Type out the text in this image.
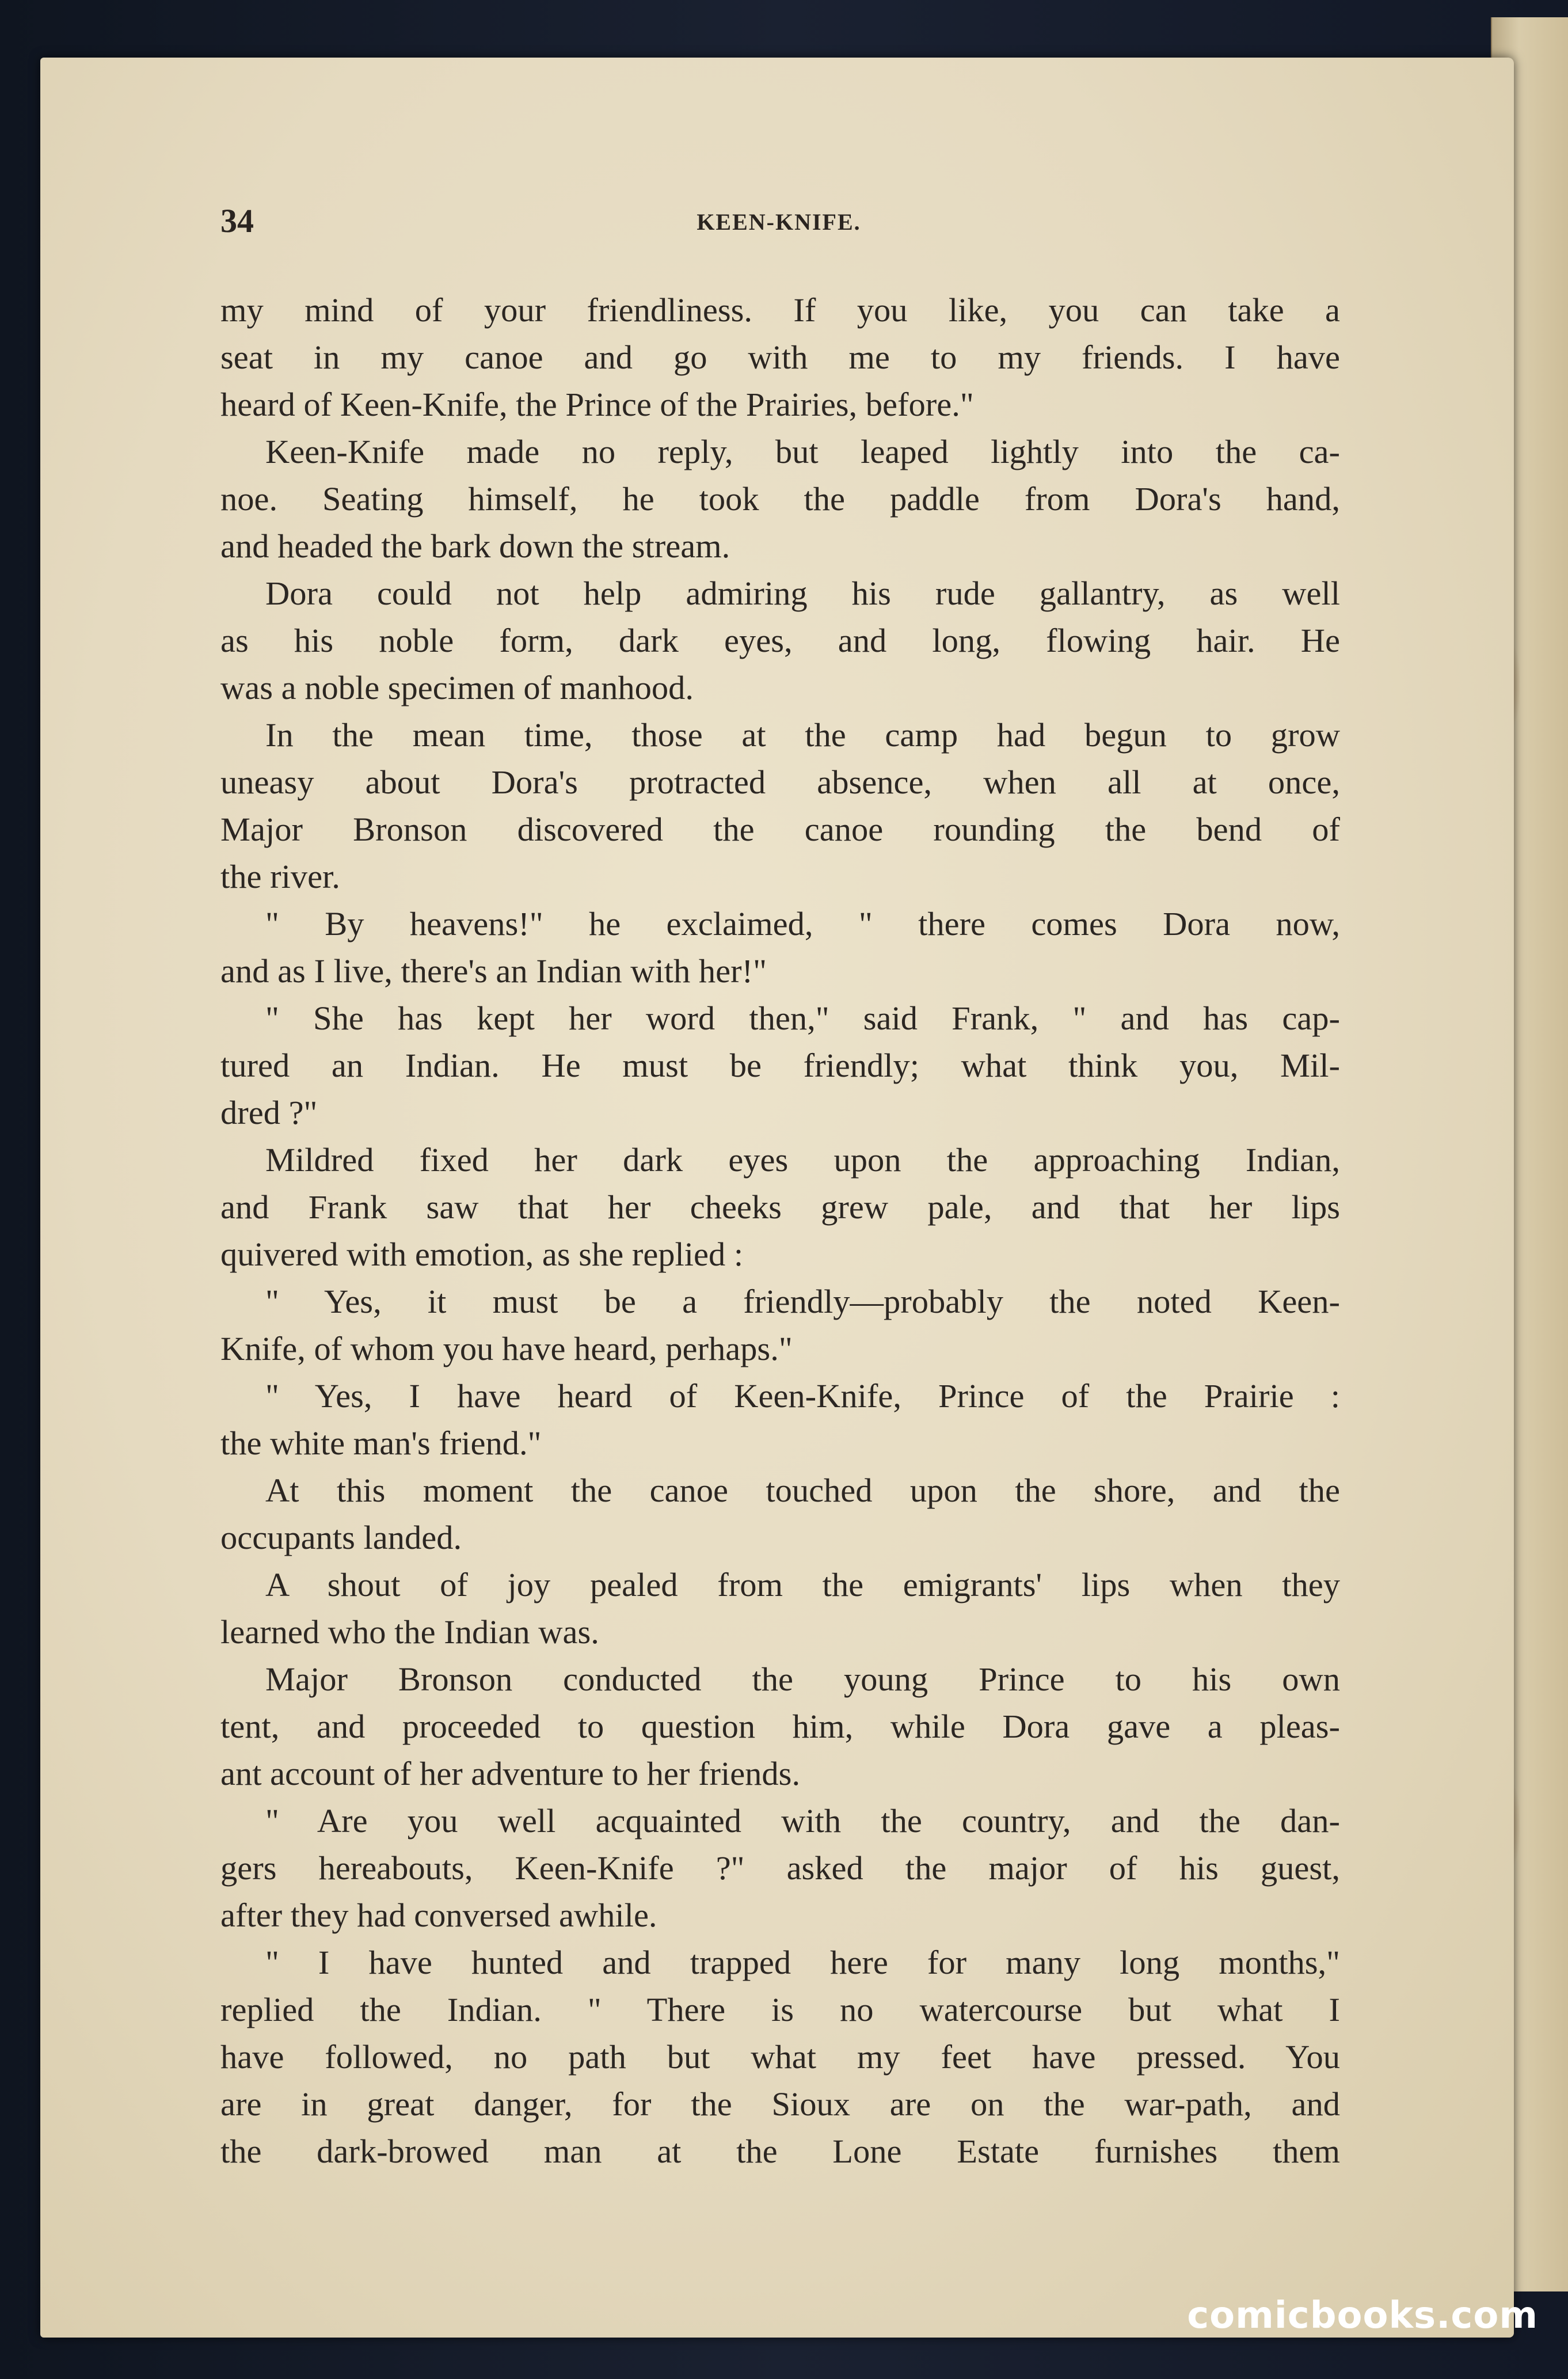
34	KEEN-KNIFE.
my mind of your friendliness. If you like, you can take a
seat in my canoe and go with me to my friends. I have
heard of Keen-Knife, the Prince of the Prairies, before."
Keen-Knife made no reply, but leaped lightly into the ca-
noe. Seating himself, he took the paddle from Dora's hand,
and headed the bark down the stream.
Dora could not help admiring his rude gallantry, as well
as his noble form, dark eyes, and long, flowing hair. He
was a noble specimen of manhood.
In the mean time, those at the camp had begun to grow
uneasy about Dora's protracted absence, when all at once,
Major Bronson discovered the canoe rounding the bend of
the river.
" By heavens!" he exclaimed, " there comes Dora now,
and as I live, there's an Indian with her!"
" She has kept her word then," said Frank, " and has cap-
tured an Indian. He must be friendly; what think you, Mil-
dred ?"
Mildred fixed her dark eyes upon the approaching Indian,
and Frank saw that her cheeks grew pale, and that her lips
quivered with emotion, as she replied :
" Yes, it must be a friendly—probably the noted Keen-
Knife, of whom you have heard, perhaps."
" Yes, I have heard of Keen-Knife, Prince of the Prairie :
the white man's friend."
At this moment the canoe touched upon the shore, and the
occupants landed.
A shout of joy pealed from the emigrants' lips when they
learned who the Indian was.
Major Bronson conducted the young Prince to his own
tent, and proceeded to question him, while Dora gave a pleas-
ant account of her adventure to her friends.
" Are you well acquainted with the country, and the dan-
gers hereabouts, Keen-Knife ?" asked the major of his guest,
after they had conversed awhile.
" I have hunted and trapped here for many long months,"
replied the Indian. " There is no watercourse but what I
have followed, no path but what my feet have pressed. You
are in great danger, for the Sioux are on the war-path, and
the dark-browed man at the Lone Estate furnishes them
comicbooks.com
